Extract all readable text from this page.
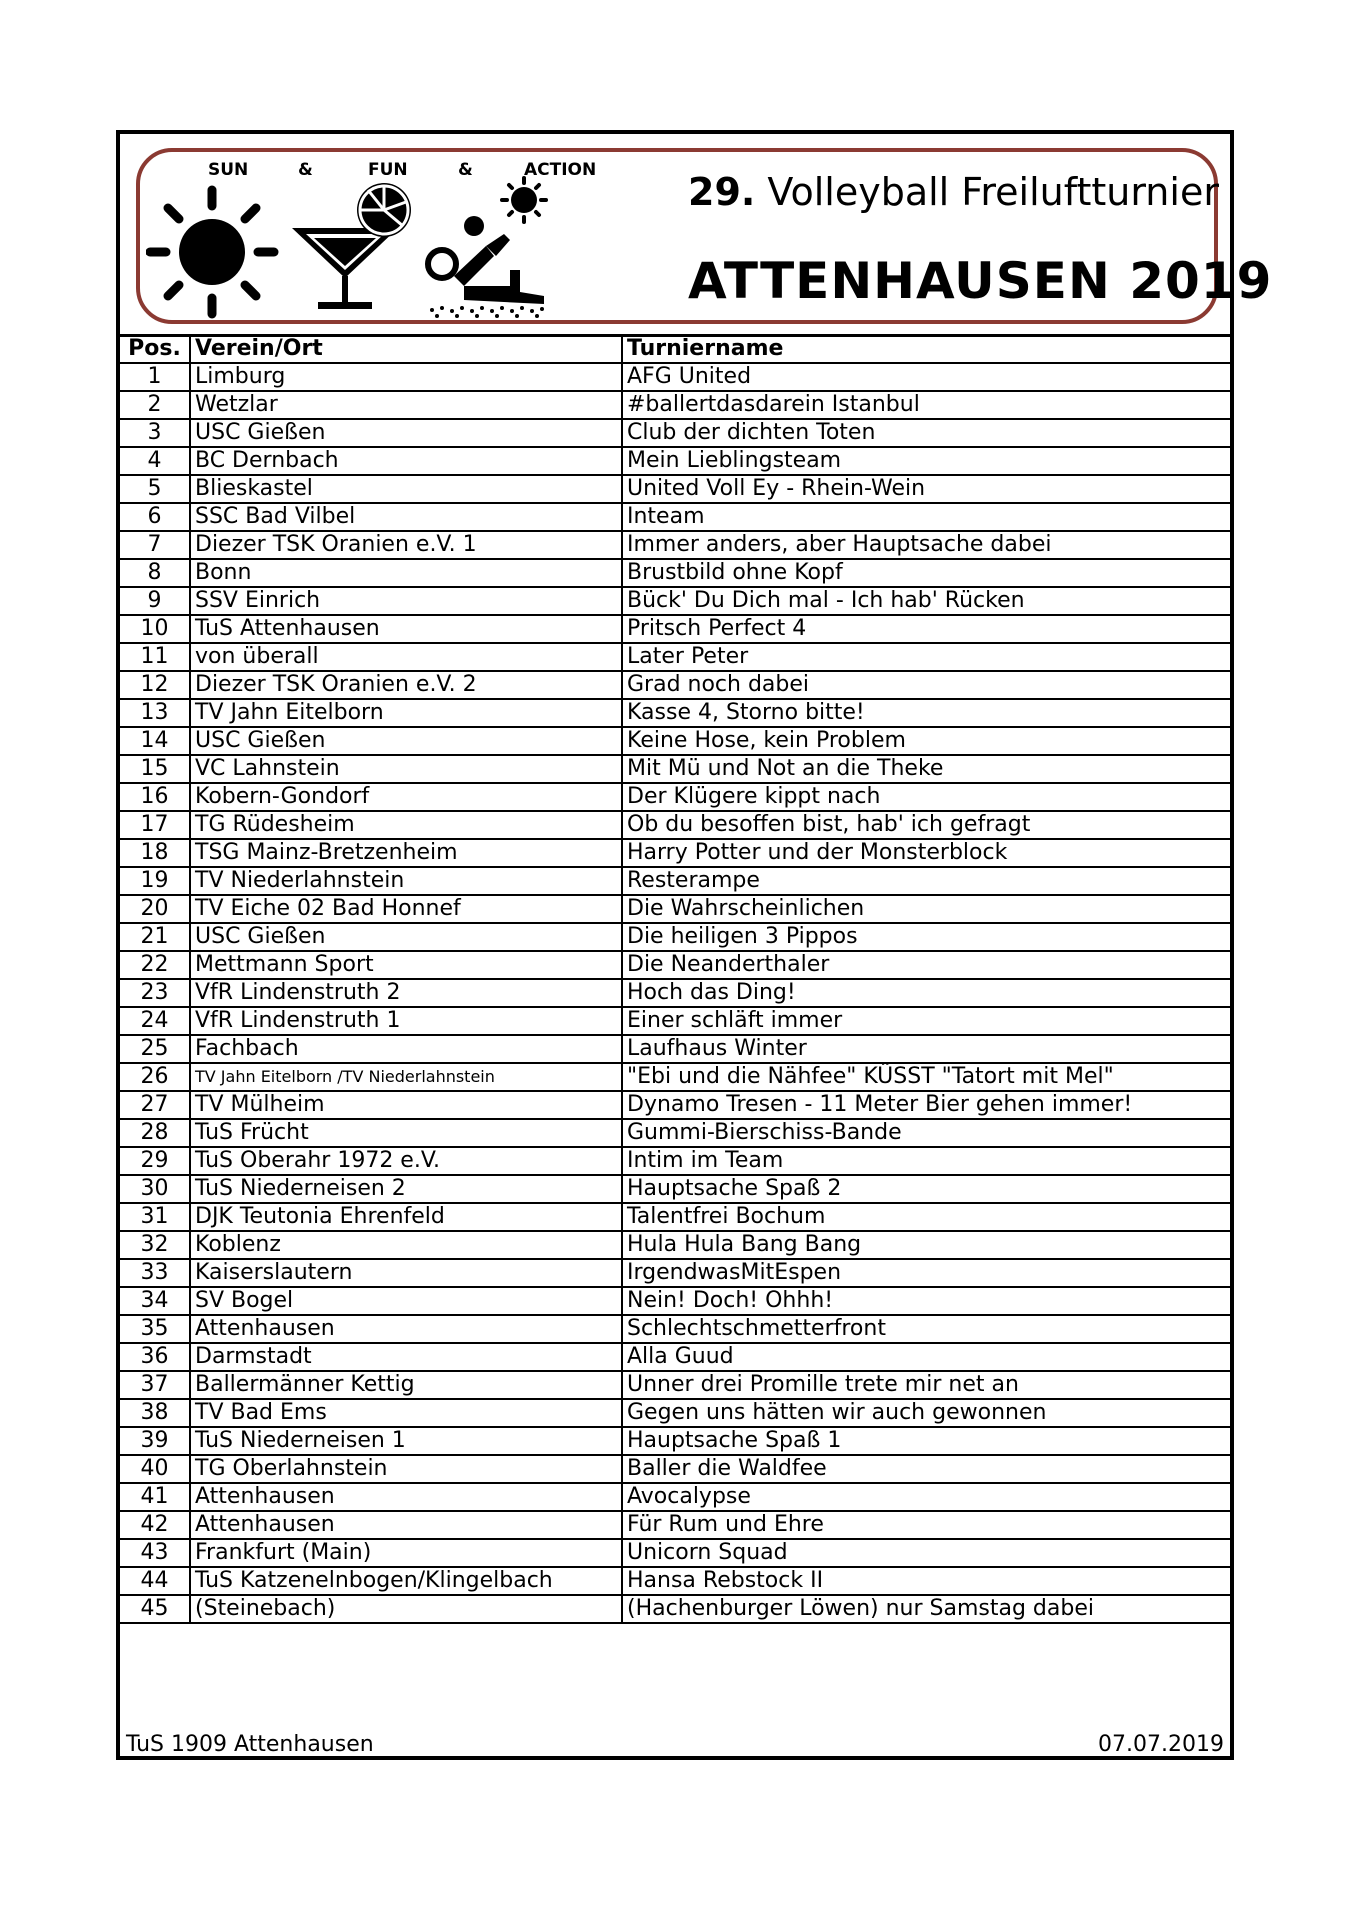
SUN	&	FUN	&	ACTION 29. Volleyball Freiluftturnier
ATTENHAUSEN 2019
Pos.	Verein/Ort	Turniername
1	Limburg	AFG United
2	Wetzlar	#ballertdasdarein Istanbul
3	USC Gießen	Club der dichten Toten
4	BC Dernbach	Mein Lieblingsteam
5	Blieskastel	United Voll Ey - Rhein-Wein
6	SSC Bad Vilbel	Inteam
7	Diezer TSK Oranien e.V. 1	Immer anders, aber Hauptsache dabei
8	Bonn	Brustbild ohne Kopf
9	SSV Einrich	Bück' Du Dich mal - Ich hab' Rücken
10	TuS Attenhausen	Pritsch Perfect 4
11	von überall	Later Peter
12	Diezer TSK Oranien e.V. 2	Grad noch dabei
13	TV Jahn Eitelborn	Kasse 4, Storno bitte!
14	USC Gießen	Keine Hose, kein Problem
15	VC Lahnstein	Mit Mü und Not an die Theke
16	Kobern-Gondorf	Der Klügere kippt nach
17	TG Rüdesheim	Ob du besoffen bist, hab' ich gefragt
18	TSG Mainz-Bretzenheim	Harry Potter und der Monsterblock
19	TV Niederlahnstein	Resterampe
20	TV Eiche 02 Bad Honnef	Die Wahrscheinlichen
21	USC Gießen	Die heiligen 3 Pippos
22	Mettmann Sport	Die Neanderthaler
23	VfR Lindenstruth 2	Hoch das Ding!
24	VfR Lindenstruth 1	Einer schläft immer
25	Fachbach	Laufhaus Winter
26	TV Jahn Eitelborn /TV Niederlahnstein	"Ebi und die Nähfee" KÜSST "Tatort mit Mel"
27	TV Mülheim	Dynamo Tresen - 11 Meter Bier gehen immer!
28	TuS Frücht	Gummi-Bierschiss-Bande
29	TuS Oberahr 1972 e.V.	Intim im Team
30	TuS Niederneisen 2	Hauptsache Spaß 2
31	DJK Teutonia Ehrenfeld	Talentfrei Bochum
32	Koblenz	Hula Hula Bang Bang
33	Kaiserslautern	IrgendwasMitEspen
34	SV Bogel	Nein! Doch! Ohhh!
35	Attenhausen	Schlechtschmetterfront
36	Darmstadt	Alla Guud
37	Ballermänner Kettig	Unner drei Promille trete mir net an
38	TV Bad Ems	Gegen uns hätten wir auch gewonnen
39	TuS Niederneisen 1	Hauptsache Spaß 1
40	TG Oberlahnstein	Baller die Waldfee
41	Attenhausen	Avocalypse
42	Attenhausen	Für Rum und Ehre
43	Frankfurt (Main)	Unicorn Squad
44	TuS Katzenelnbogen/Klingelbach	Hansa Rebstock II
45	(Steinebach)	(Hachenburger Löwen) nur Samstag dabei
TuS 1909 Attenhausen	07.07.2019
